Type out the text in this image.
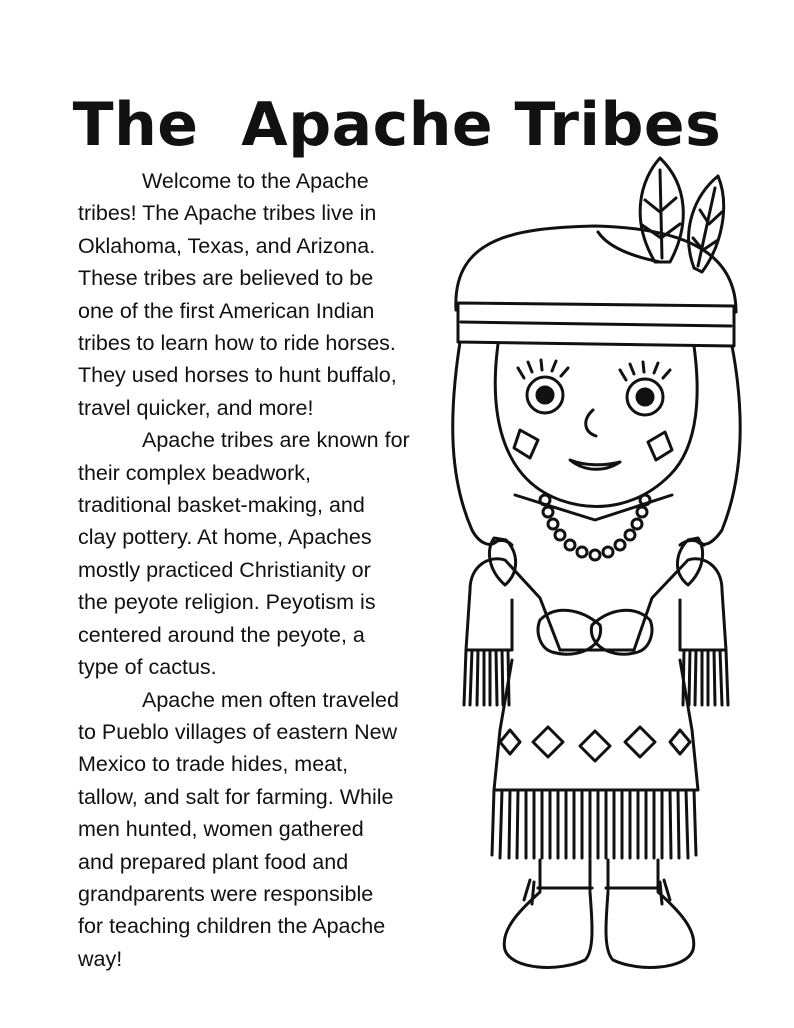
The  Apache Tribes
Welcome to the Apache
tribes! The Apache tribes live in
Oklahoma, Texas, and Arizona.
These tribes are believed to be
one of the first American Indian
tribes to learn how to ride horses.
They used horses to hunt buffalo,
travel quicker, and more!
Apache tribes are known for
their complex beadwork,
traditional basket-making, and
clay pottery. At home, Apaches
mostly practiced Christianity or
the peyote religion. Peyotism is
centered around the peyote, a
type of cactus.
Apache men often traveled
to Pueblo villages of eastern New
Mexico to trade hides, meat,
tallow, and salt for farming. While
men hunted, women gathered
and prepared plant food and
grandparents were responsible
for teaching children the Apache
way!
